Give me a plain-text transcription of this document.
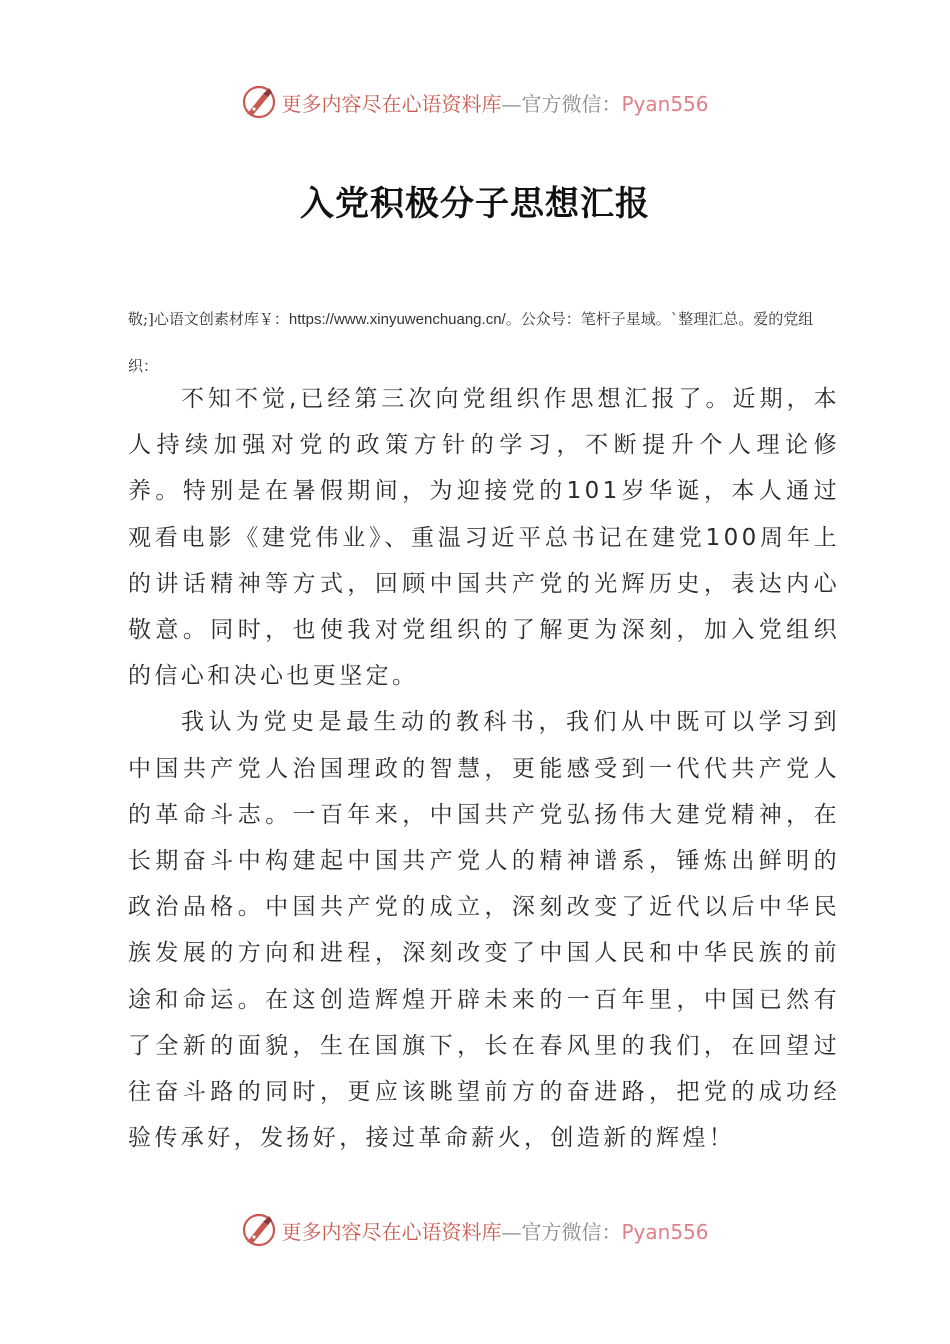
更多内容尽在心语资料库—官方微信：Pyan556
入党积极分子思想汇报
敬;]心语文创素材库￥：https://www.xinyuwenchuang.cn/。公众号：笔杆子星域。`整理汇总。爱的党组织：

不知不觉,已经第三次向党组织作思想汇报了。近期，本人持续加强对党的政策方针的学习，不断提升个人理论修养。特别是在暑假期间，为迎接党的101岁华诞，本人通过观看电影《建党伟业》、重温习近平总书记在建党100周年上的讲话精神等方式，回顾中国共产党的光辉历史，表达内心敬意。同时，也使我对党组织的了解更为深刻，加入党组织的信心和决心也更坚定。

我认为党史是最生动的教科书，我们从中既可以学习到中国共产党人治国理政的智慧，更能感受到一代代共产党人的革命斗志。一百年来，中国共产党弘扬伟大建党精神，在长期奋斗中构建起中国共产党人的精神谱系，锤炼出鲜明的政治品格。中国共产党的成立，深刻改变了近代以后中华民族发展的方向和进程，深刻改变了中国人民和中华民族的前途和命运。在这创造辉煌开辟未来的一百年里，中国已然有了全新的面貌，生在国旗下，长在春风里的我们，在回望过往奋斗路的同时，更应该眺望前方的奋进路，把党的成功经验传承好，发扬好，接过革命薪火，创造新的辉煌！

更多内容尽在心语资料库—官方微信：Pyan556
